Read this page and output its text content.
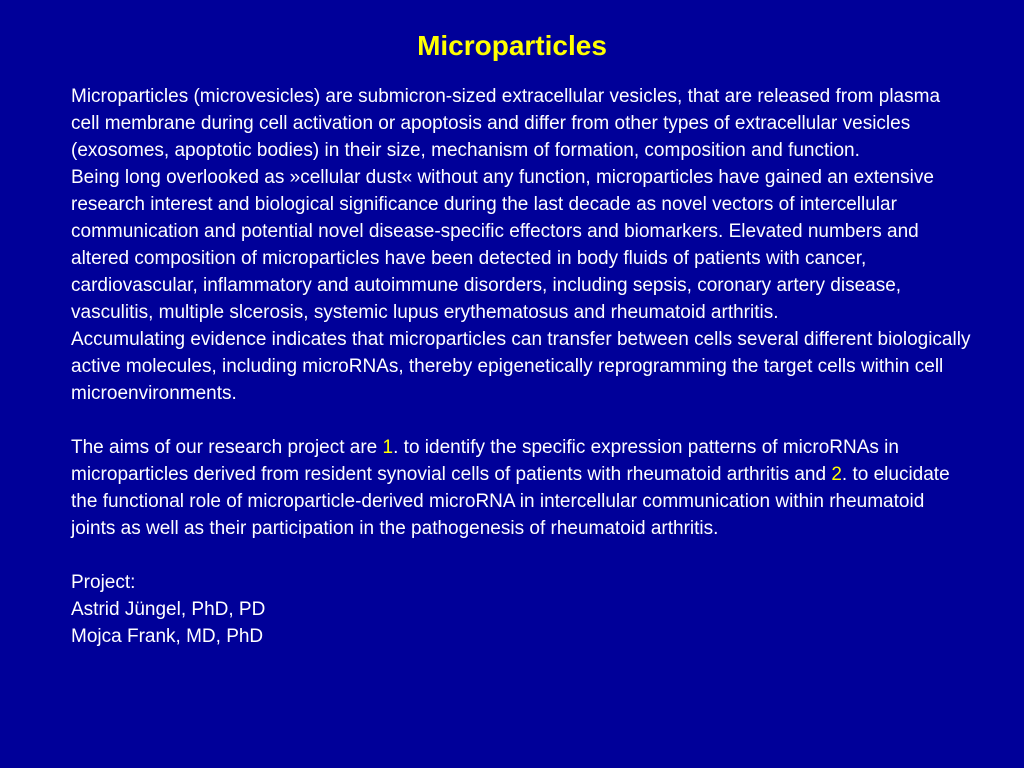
Microparticles

Microparticles (microvesicles) are submicron-sized extracellular vesicles, that are released from plasma cell membrane during cell activation or apoptosis and differ from other types of extracellular vesicles (exosomes, apoptotic bodies) in their size, mechanism of formation, composition and function.

Being long overlooked as »cellular dust« without any function, microparticles have gained an extensive research interest and biological significance during the last decade as novel vectors of intercellular communication and potential novel disease-specific effectors and biomarkers. Elevated numbers and altered composition of microparticles have been detected in body fluids of patients with cancer, cardiovascular, inflammatory and autoimmune disorders, including sepsis, coronary artery disease, vasculitis, multiple slcerosis, systemic lupus erythematosus and rheumatoid arthritis.

Accumulating evidence indicates that microparticles can transfer between cells several different biologically active molecules, including microRNAs, thereby epigenetically reprogramming the target cells within cell microenvironments.

The aims of our research project are 1. to identify the specific expression patterns of microRNAs in microparticles derived from resident synovial cells of patients with rheumatoid arthritis and 2. to elucidate the functional role of microparticle-derived microRNA in intercellular communication within rheumatoid joints as well as their participation in the pathogenesis of rheumatoid arthritis.

Project:

Astrid Jüngel, PhD, PD

Mojca Frank, MD, PhD
